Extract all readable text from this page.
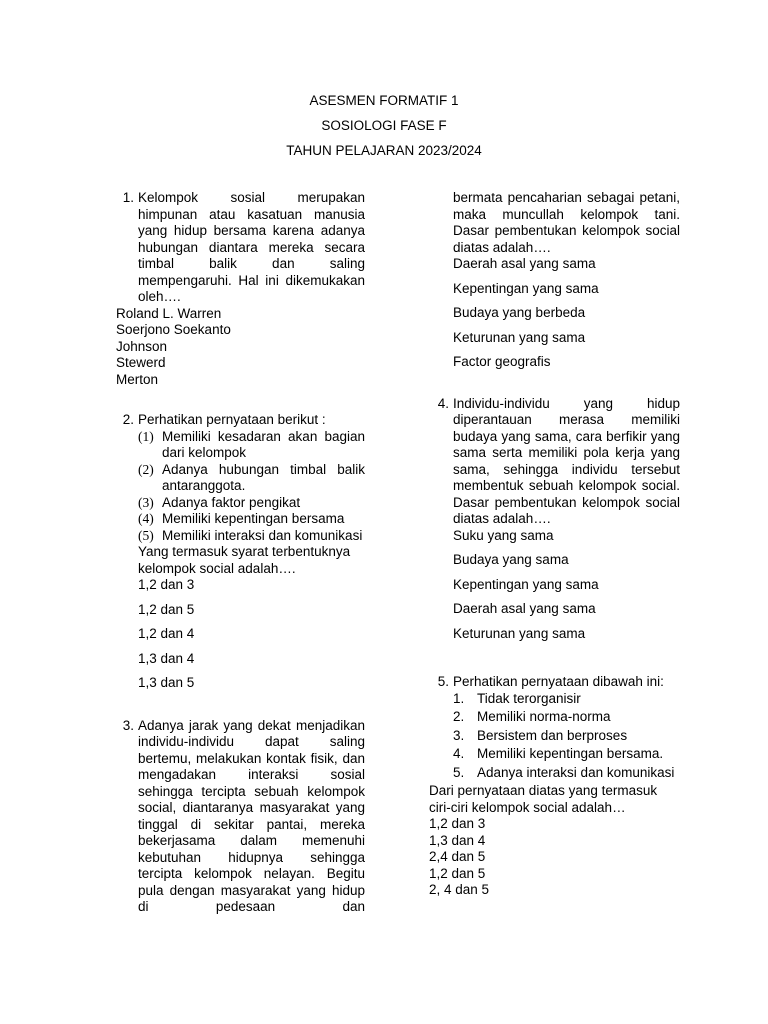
ASESMEN FORMATIF 1
SOSIOLOGI FASE F
TAHUN PELAJARAN 2023/2024
1. Kelompok sosial merupakan himpunan atau kasatuan manusia yang hidup bersama karena adanya hubungan diantara mereka secara timbal balik dan saling mempengaruhi. Hal ini dikemukakan oleh….
Roland L. Warren
Soerjono Soekanto
Johnson
Stewerd
Merton
2. Perhatikan pernyataan berikut :
(1) Memiliki kesadaran akan bagian dari kelompok
(2) Adanya hubungan timbal balik antaranggota.
(3) Adanya faktor pengikat
(4) Memiliki kepentingan bersama
(5) Memiliki interaksi dan komunikasi
Yang termasuk syarat terbentuknya kelompok social adalah….
1,2 dan 3
1,2 dan 5
1,2 dan 4
1,3 dan 4
1,3 dan 5
3. Adanya jarak yang dekat menjadikan individu-individu dapat saling bertemu, melakukan kontak fisik, dan mengadakan interaksi sosial sehingga tercipta sebuah kelompok social, diantaranya masyarakat yang tinggal di sekitar pantai, mereka bekerjasama dalam memenuhi kebutuhan hidupnya sehingga tercipta kelompok nelayan. Begitu pula dengan masyarakat yang hidup di pedesaan dan
bermata pencaharian sebagai petani, maka muncullah kelompok tani. Dasar pembentukan kelompok social diatas adalah….
Daerah asal yang sama
Kepentingan yang sama
Budaya yang berbeda
Keturunan yang sama
Factor geografis
4. Individu-individu yang hidup diperantauan merasa memiliki budaya yang sama, cara berfikir yang sama serta memiliki pola kerja yang sama, sehingga individu tersebut membentuk sebuah kelompok social. Dasar pembentukan kelompok social diatas adalah….
Suku yang sama
Budaya yang sama
Kepentingan yang sama
Daerah asal yang sama
Keturunan yang sama
5. Perhatikan pernyataan dibawah ini:
1. Tidak terorganisir
2. Memiliki norma-norma
3. Bersistem dan berproses
4. Memiliki kepentingan bersama.
5. Adanya interaksi dan komunikasi
Dari pernyataan diatas yang termasuk ciri-ciri kelompok social adalah…
1,2 dan 3
1,3 dan 4
2,4 dan 5
1,2 dan 5
2, 4 dan 5
